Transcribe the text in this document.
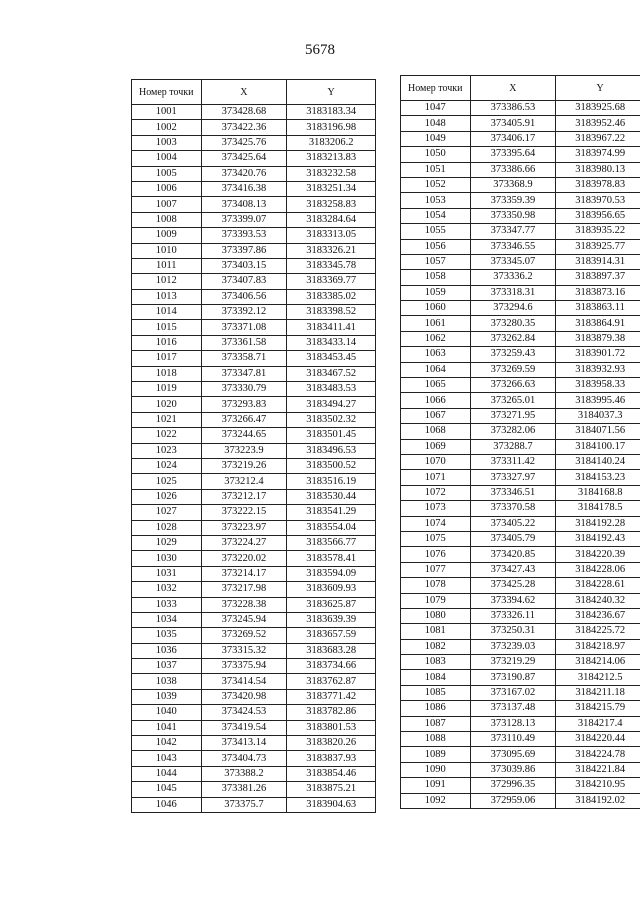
5678
Номер точки	X	Y
1001	373428.68	3183183.34
1002	373422.36	3183196.98
1003	373425.76	3183206.2
1004	373425.64	3183213.83
1005	373420.76	3183232.58
1006	373416.38	3183251.34
1007	373408.13	3183258.83
1008	373399.07	3183284.64
1009	373393.53	3183313.05
1010	373397.86	3183326.21
1011	373403.15	3183345.78
1012	373407.83	3183369.77
1013	373406.56	3183385.02
1014	373392.12	3183398.52
1015	373371.08	3183411.41
1016	373361.58	3183433.14
1017	373358.71	3183453.45
1018	373347.81	3183467.52
1019	373330.79	3183483.53
1020	373293.83	3183494.27
1021	373266.47	3183502.32
1022	373244.65	3183501.45
1023	373223.9	3183496.53
1024	373219.26	3183500.52
1025	373212.4	3183516.19
1026	373212.17	3183530.44
1027	373222.15	3183541.29
1028	373223.97	3183554.04
1029	373224.27	3183566.77
1030	373220.02	3183578.41
1031	373214.17	3183594.09
1032	373217.98	3183609.93
1033	373228.38	3183625.87
1034	373245.94	3183639.39
1035	373269.52	3183657.59
1036	373315.32	3183683.28
1037	373375.94	3183734.66
1038	373414.54	3183762.87
1039	373420.98	3183771.42
1040	373424.53	3183782.86
1041	373419.54	3183801.53
1042	373413.14	3183820.26
1043	373404.73	3183837.93
1044	373388.2	3183854.46
1045	373381.26	3183875.21
1046	373375.7	3183904.63
Номер точки	X	Y
1047	373386.53	3183925.68
1048	373405.91	3183952.46
1049	373406.17	3183967.22
1050	373395.64	3183974.99
1051	373386.66	3183980.13
1052	373368.9	3183978.83
1053	373359.39	3183970.53
1054	373350.98	3183956.65
1055	373347.77	3183935.22
1056	373346.55	3183925.77
1057	373345.07	3183914.31
1058	373336.2	3183897.37
1059	373318.31	3183873.16
1060	373294.6	3183863.11
1061	373280.35	3183864.91
1062	373262.84	3183879.38
1063	373259.43	3183901.72
1064	373269.59	3183932.93
1065	373266.63	3183958.33
1066	373265.01	3183995.46
1067	373271.95	3184037.3
1068	373282.06	3184071.56
1069	373288.7	3184100.17
1070	373311.42	3184140.24
1071	373327.97	3184153.23
1072	373346.51	3184168.8
1073	373370.58	3184178.5
1074	373405.22	3184192.28
1075	373405.79	3184192.43
1076	373420.85	3184220.39
1077	373427.43	3184228.06
1078	373425.28	3184228.61
1079	373394.62	3184240.32
1080	373326.11	3184236.67
1081	373250.31	3184225.72
1082	373239.03	3184218.97
1083	373219.29	3184214.06
1084	373190.87	3184212.5
1085	373167.02	3184211.18
1086	373137.48	3184215.79
1087	373128.13	3184217.4
1088	373110.49	3184220.44
1089	373095.69	3184224.78
1090	373039.86	3184221.84
1091	372996.35	3184210.95
1092	372959.06	3184192.02
